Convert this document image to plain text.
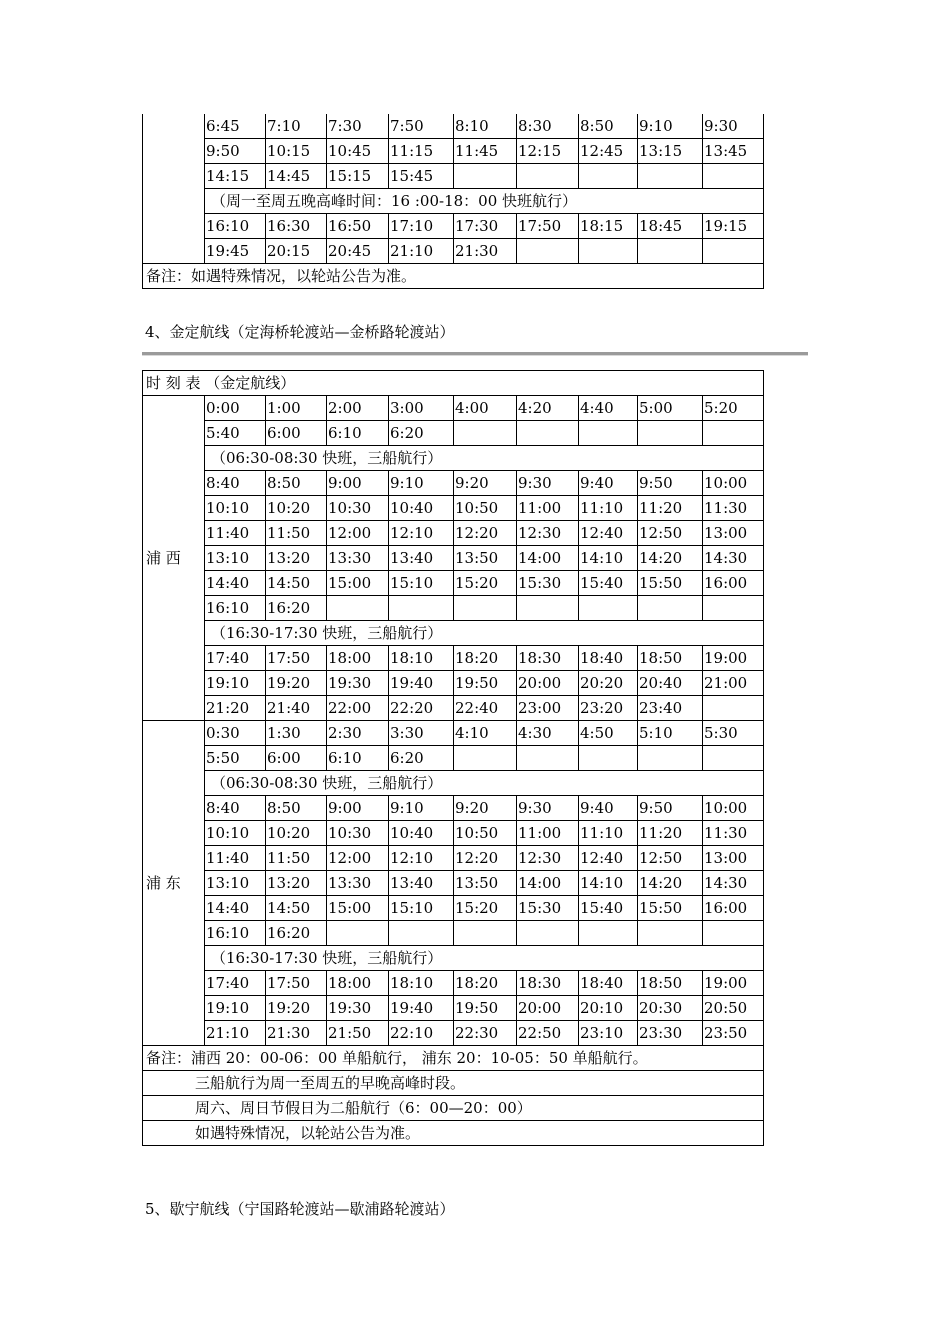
	6:45	7:10	7:30	7:50	8:10	8:30	8:50	9:10	9:30
	9:50	10:15	10:45	11:15	11:45	12:15	12:45	13:15	13:45
	14:15	14:45	15:15	15:45					
	（周一至周五晚高峰时间：16 :00-18：00 快班航行）								
	16:10	16:30	16:50	17:10	17:30	17:50	18:15	18:45	19:15
	19:45	20:15	20:45	21:10	21:30				
备注：如遇特殊情况，以轮站公告为准。									
4、金定航线（定海桥轮渡站—金桥路轮渡站）
时 刻 表 （金定航线）									
浦 西	0:00	1:00	2:00	3:00	4:00	4:20	4:40	5:00	5:20
	5:40	6:00	6:10	6:20					
	（06:30-08:30 快班，三船航行）								
	8:40	8:50	9:00	9:10	9:20	9:30	9:40	9:50	10:00
	10:10	10:20	10:30	10:40	10:50	11:00	11:10	11:20	11:30
	11:40	11:50	12:00	12:10	12:20	12:30	12:40	12:50	13:00
	13:10	13:20	13:30	13:40	13:50	14:00	14:10	14:20	14:30
	14:40	14:50	15:00	15:10	15:20	15:30	15:40	15:50	16:00
	16:10	16:20							
	（16:30-17:30 快班，三船航行）								
	17:40	17:50	18:00	18:10	18:20	18:30	18:40	18:50	19:00
	19:10	19:20	19:30	19:40	19:50	20:00	20:20	20:40	21:00
	21:20	21:40	22:00	22:20	22:40	23:00	23:20	23:40	
浦 东	0:30	1:30	2:30	3:30	4:10	4:30	4:50	5:10	5:30
	5:50	6:00	6:10	6:20					
	（06:30-08:30 快班，三船航行）								
	8:40	8:50	9:00	9:10	9:20	9:30	9:40	9:50	10:00
	10:10	10:20	10:30	10:40	10:50	11:00	11:10	11:20	11:30
	11:40	11:50	12:00	12:10	12:20	12:30	12:40	12:50	13:00
	13:10	13:20	13:30	13:40	13:50	14:00	14:10	14:20	14:30
	14:40	14:50	15:00	15:10	15:20	15:30	15:40	15:50	16:00
	16:10	16:20							
	（16:30-17:30 快班，三船航行）								
	17:40	17:50	18:00	18:10	18:20	18:30	18:40	18:50	19:00
	19:10	19:20	19:30	19:40	19:50	20:00	20:10	20:30	20:50
	21:10	21:30	21:50	22:10	22:30	22:50	23:10	23:30	23:50
备注：浦西 20：00-06：00 单船航行， 浦东 20：10-05：50 单船航行。									
三船航行为周一至周五的早晚高峰时段。									
周六、周日节假日为二船航行（6：00—20：00）									
如遇特殊情况，以轮站公告为准。									
5、歇宁航线（宁国路轮渡站—歇浦路轮渡站）
